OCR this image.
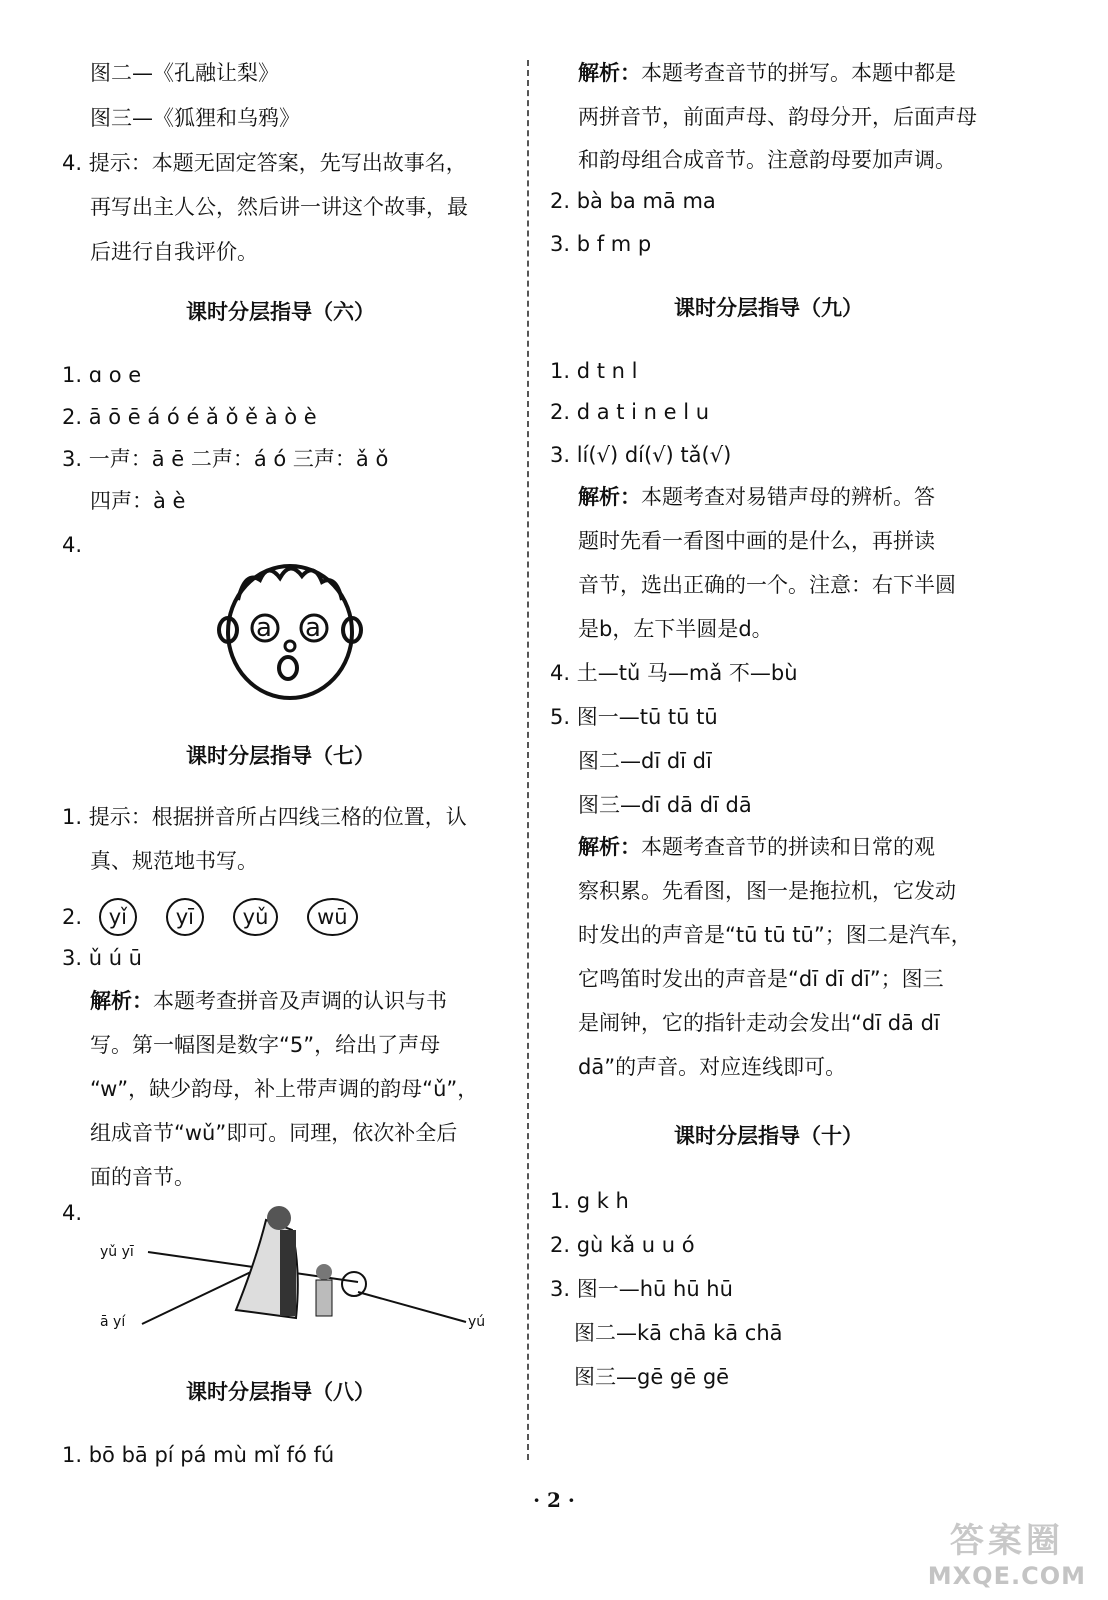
图二—《孔融让梨》
图三—《狐狸和乌鸦》
4. 提示：本题无固定答案，先写出故事名，
再写出主人公，然后讲一讲这个故事，最
后进行自我评价。
课时分层指导（六）
1. ɑ o e
2. ā ō ē á ó é ǎ ǒ ě à ò è
3. 一声：ā ē 二声：á ó 三声：ǎ ǒ
四声：à è
4.
a a
课时分层指导（七）
1. 提示：根据拼音所占四线三格的位置，认
真、规范地书写。
2. yǐ yī yǔ wū
3. ǔ ú ū
解析：本题考查拼音及声调的认识与书
写。第一幅图是数字“5”，给出了声母
“w”，缺少韵母，补上带声调的韵母“ǔ”，
组成音节“wǔ”即可。同理，依次补全后
面的音节。
4.
yǔ yī
ā yí	yú
课时分层指导（八）
1. bō bā pí pá mù mǐ fó fú
解析：本题考查音节的拼写。本题中都是
两拼音节，前面声母、韵母分开，后面声母
和韵母组合成音节。注意韵母要加声调。
2. bà ba mā ma
3. b f m p
课时分层指导（九）
1. d t n l
2. d a t i n e l u
3. lí(√) dí(√) tǎ(√)
解析：本题考查对易错声母的辨析。答
题时先看一看图中画的是什么，再拼读
音节，选出正确的一个。注意：右下半圆
是b，左下半圆是d。
4. 土—tǔ 马—mǎ 不—bù
5. 图一—tū tū tū
图二—dī dī dī
图三—dī dā dī dā
解析：本题考查音节的拼读和日常的观
察积累。先看图，图一是拖拉机，它发动
时发出的声音是“tū tū tū”；图二是汽车，
它鸣笛时发出的声音是“dī dī dī”；图三
是闹钟，它的指针走动会发出“dī dā dī
dā”的声音。对应连线即可。
课时分层指导（十）
1. g k h
2. gù kǎ u u ó
3. 图一—hū hū hū
图二—kā chā kā chā
图三—gē gē gē
· 2 ·
答案圈
MXQE.COM
